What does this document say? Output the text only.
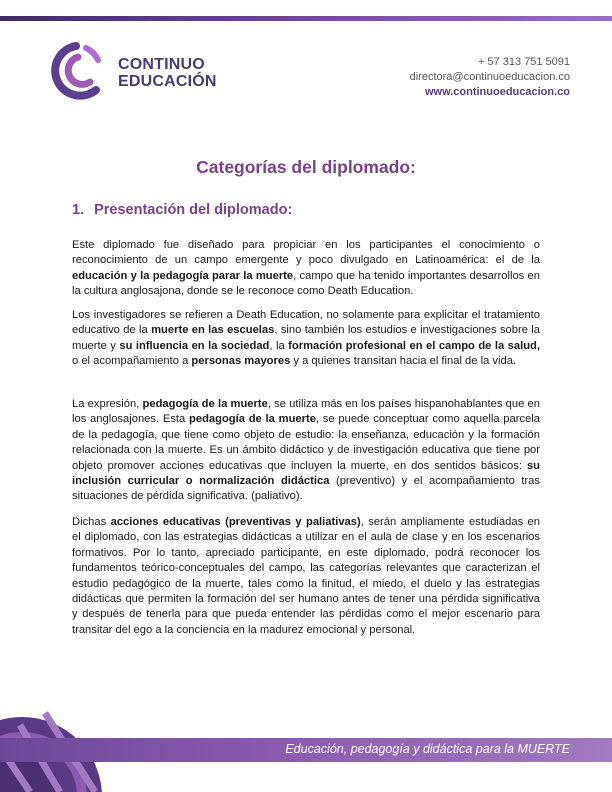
CONTINUO
EDUCACIÓN
+ 57 313 751 5091
directora@continuoeducacion.co
www.continuoeducacion.co
Categorías del diplomado:
1. Presentación del diplomado:
Este diplomado fue diseñado para propiciar en los participantes el conocimiento o reconocimiento de un campo emergente y poco divulgado en Latinoamérica: el de la educación y la pedagogía parar la muerte, campo que ha tenido importantes desarrollos en la cultura anglosajona, donde se le reconoce como Death Education.
Los investigadores se refieren a Death Education, no solamente para explicitar el tratamiento educativo de la muerte en las escuelas, sino también los estudios e investigaciones sobre la muerte y su influencia en la sociedad, la formación profesional en el campo de la salud, o el acompañamiento a personas mayores y a quienes transitan hacia el final de la vida.
La expresión, pedagogía de la muerte, se utiliza más en los países hispanohablantes que en los anglosajones. Esta pedagogía de la muerte, se puede conceptuar como aquella parcela de la pedagogía, que tiene como objeto de estudio: la enseñanza, educación y la formación relacionada con la muerte. Es un ámbito didáctico y de investigación educativa que tiene por objeto promover acciones educativas que incluyen la muerte, en dos sentidos básicos: su inclusión curricular o normalización didáctica (preventivo) y el acompañamiento tras situaciones de pérdida significativa. (paliativo).
Dichas acciones educativas (preventivas y paliativas), serán ampliamente estudiadas en el diplomado, con las estrategias didácticas a utilizar en el aula de clase y en los escenarios formativos. Por lo tanto, apreciado participante, en este diplomado, podrá reconocer los fundamentos teórico-conceptuales del campo, las categorías relevantes que caracterizan el estudio pedagógico de la muerte, tales como la finitud, el miedo, el duelo y las estrategias didácticas que permiten la formación del ser humano antes de tener una pérdida significativa y después de tenerla para que pueda entender las pérdidas como el mejor escenario para transitar del ego a la conciencia en la madurez emocional y personal.
Educación, pedagogía y didáctica para la MUERTE
